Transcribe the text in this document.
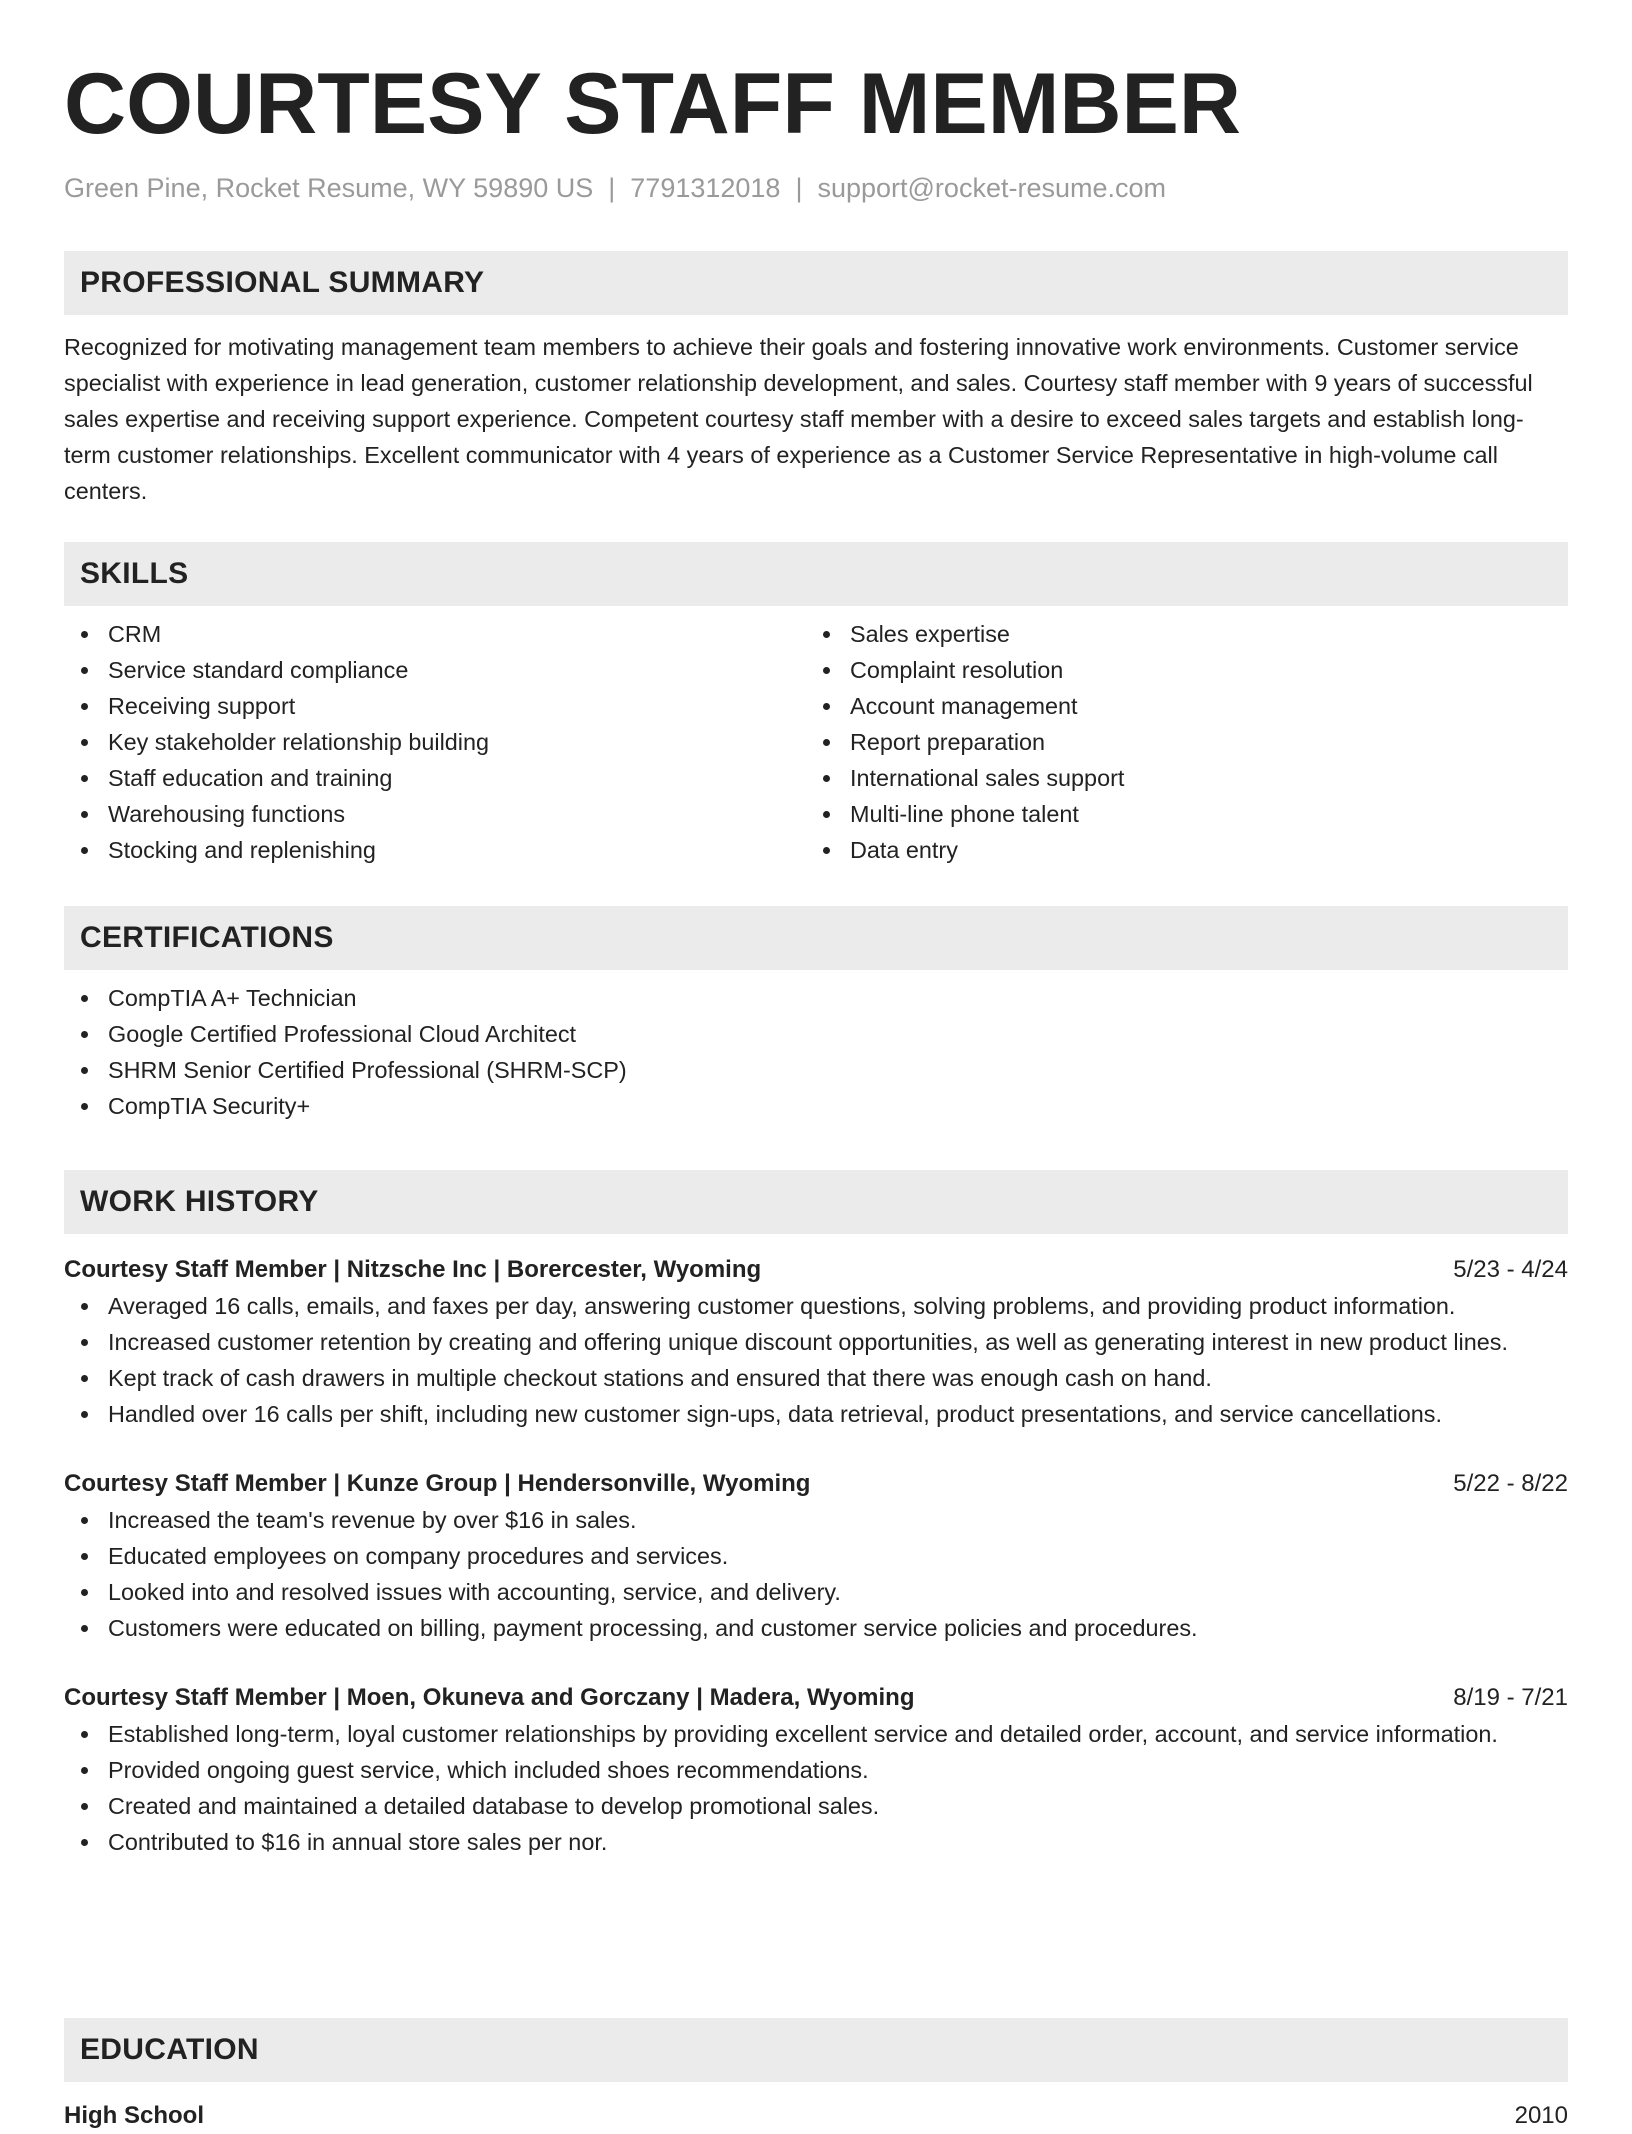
COURTESY STAFF MEMBER
Green Pine, Rocket Resume, WY 59890 US | 7791312018 | support@rocket-resume.com
PROFESSIONAL SUMMARY

Recognized for motivating management team members to achieve their goals and fostering innovative work environments. Customer service specialist with experience in lead generation, customer relationship development, and sales. Courtesy staff member with 9 years of successful sales expertise and receiving support experience. Competent courtesy staff member with a desire to exceed sales targets and establish long-term customer relationships. Excellent communicator with 4 years of experience as a Customer Service Representative in high-volume call centers.

SKILLS
CRM
Service standard compliance
Receiving support
Key stakeholder relationship building
Staff education and training
Warehousing functions
Stocking and replenishing
Sales expertise
Complaint resolution
Account management
Report preparation
International sales support
Multi-line phone talent
Data entry
CERTIFICATIONS
CompTIA A+ Technician
Google Certified Professional Cloud Architect
SHRM Senior Certified Professional (SHRM-SCP)
CompTIA Security+
WORK HISTORY
Courtesy Staff Member | Nitzsche Inc | Borercester, Wyoming	5/23 - 4/24
Averaged 16 calls, emails, and faxes per day, answering customer questions, solving problems, and providing product information.
Increased customer retention by creating and offering unique discount opportunities, as well as generating interest in new product lines.
Kept track of cash drawers in multiple checkout stations and ensured that there was enough cash on hand.
Handled over 16 calls per shift, including new customer sign-ups, data retrieval, product presentations, and service cancellations.
Courtesy Staff Member | Kunze Group | Hendersonville, Wyoming	5/22 - 8/22
Increased the team's revenue by over $16 in sales.
Educated employees on company procedures and services.
Looked into and resolved issues with accounting, service, and delivery.
Customers were educated on billing, payment processing, and customer service policies and procedures.
Courtesy Staff Member | Moen, Okuneva and Gorczany | Madera, Wyoming	8/19 - 7/21
Established long-term, loyal customer relationships by providing excellent service and detailed order, account, and service information.
Provided ongoing guest service, which included shoes recommendations.
Created and maintained a detailed database to develop promotional sales.
Contributed to $16 in annual store sales per nor.
EDUCATION
High School	2010
